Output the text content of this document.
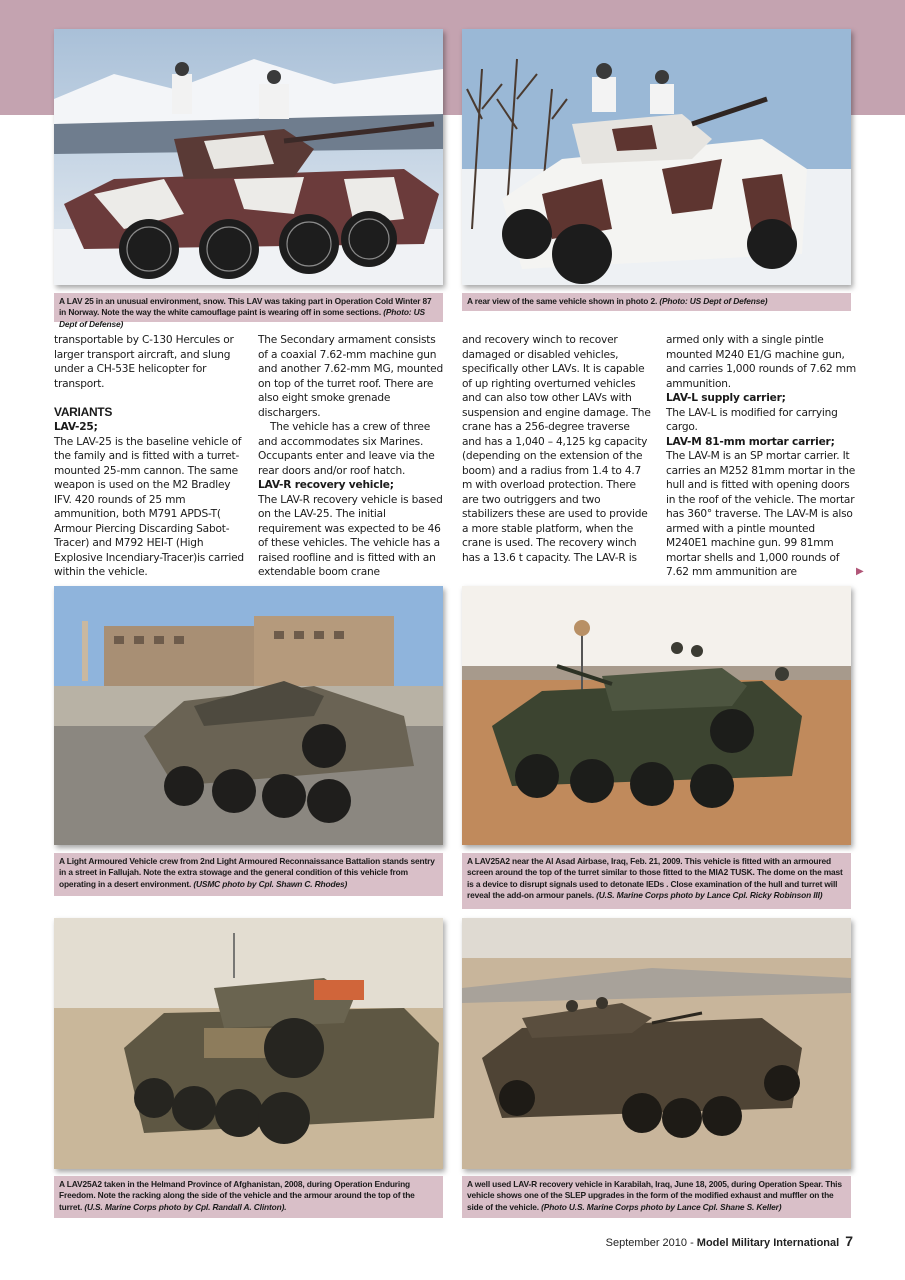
A LAV 25 in an unusual environment, snow. This LAV was taking part in Operation Cold Winter 87 in Norway. Note the way the white camouflage paint is wearing off in some sections. (Photo: US Dept of Defense)
A rear view of the same vehicle shown in photo 2. (Photo: US Dept of Defense)

transportable by C-130 Hercules or larger transport aircraft, and slung under a CH-53E helicopter for transport.

VARIANTS

LAV-25;

The LAV-25 is the baseline vehicle of the family and is fitted with a turret-mounted 25-mm cannon. The same weapon is used on the M2 Bradley IFV. 420 rounds of 25 mm ammunition, both M791 APDS-T( Armour Piercing Discarding Sabot-Tracer) and M792 HEI-T (High Explosive Incendiary-Tracer)is carried within the vehicle.

The Secondary armament consists of a coaxial 7.62-mm machine gun and another 7.62-mm MG, mounted on top of the turret roof. There are also eight smoke grenade dischargers.

The vehicle has a crew of three and accommodates six Marines. Occupants enter and leave via the rear doors and/or roof hatch.

LAV-R recovery vehicle;

The LAV-R recovery vehicle is based on the LAV-25. The initial requirement was expected to be 46 of these vehicles. The vehicle has a raised roofline and is fitted with an extendable boom crane

and recovery winch to recover damaged or disabled vehicles, specifically other LAVs. It is capable of up righting overturned vehicles and can also tow other LAVs with suspension and engine damage. The crane has a 256-degree traverse and has a 1,040 – 4,125 kg capacity (depending on the extension of the boom) and a radius from 1.4 to 4.7 m with overload protection. There are two outriggers and two stabilizers these are used to provide a more stable platform, when the crane is used. The recovery winch has a 13.6 t capacity. The LAV-R is

armed only with a single pintle mounted M240 E1/G machine gun, and carries 1,000 rounds of 7.62 mm ammunition.

LAV-L supply carrier;

The LAV-L is modified for carrying cargo.

LAV-M 81-mm mortar carrier;

The LAV-M is an SP mortar carrier. It carries an M252 81mm mortar in the hull and is fitted with opening doors in the roof of the vehicle. The mortar has 360° traverse. The LAV-M is also armed with a pintle mounted M240E1 machine gun. 99 81mm mortar shells and 1,000 rounds of 7.62 mm ammunition are	▶
A Light Armoured Vehicle crew from 2nd Light Armoured Reconnaissance Battalion stands sentry in a street in Fallujah. Note the extra stowage and the general condition of this vehicle from operating in a desert environment. (USMC photo by Cpl. Shawn C. Rhodes)
A LAV25A2 near the Al Asad Airbase, Iraq, Feb. 21, 2009. This vehicle is fitted with an armoured screen around the top of the turret similar to those fitted to the MIA2 TUSK. The dome on the mast is a device to disrupt signals used to detonate IEDs . Close examination of the hull and turret will reveal the add-on armour panels. (U.S. Marine Corps photo by Lance Cpl. Ricky Robinson III)
A LAV25A2 taken in the Helmand Province of Afghanistan, 2008, during Operation Enduring Freedom. Note the racking along the side of the vehicle and the armour around the top of the turret. (U.S. Marine Corps photo by Cpl. Randall A. Clinton).
A well used LAV-R recovery vehicle in Karabilah, Iraq, June 18, 2005, during Operation Spear. This vehicle shows one of the SLEP upgrades in the form of the modified exhaust and muffler on the side of the vehicle. (Photo U.S. Marine Corps photo by Lance Cpl. Shane S. Keller)
September 2010 - Model Military International 7
